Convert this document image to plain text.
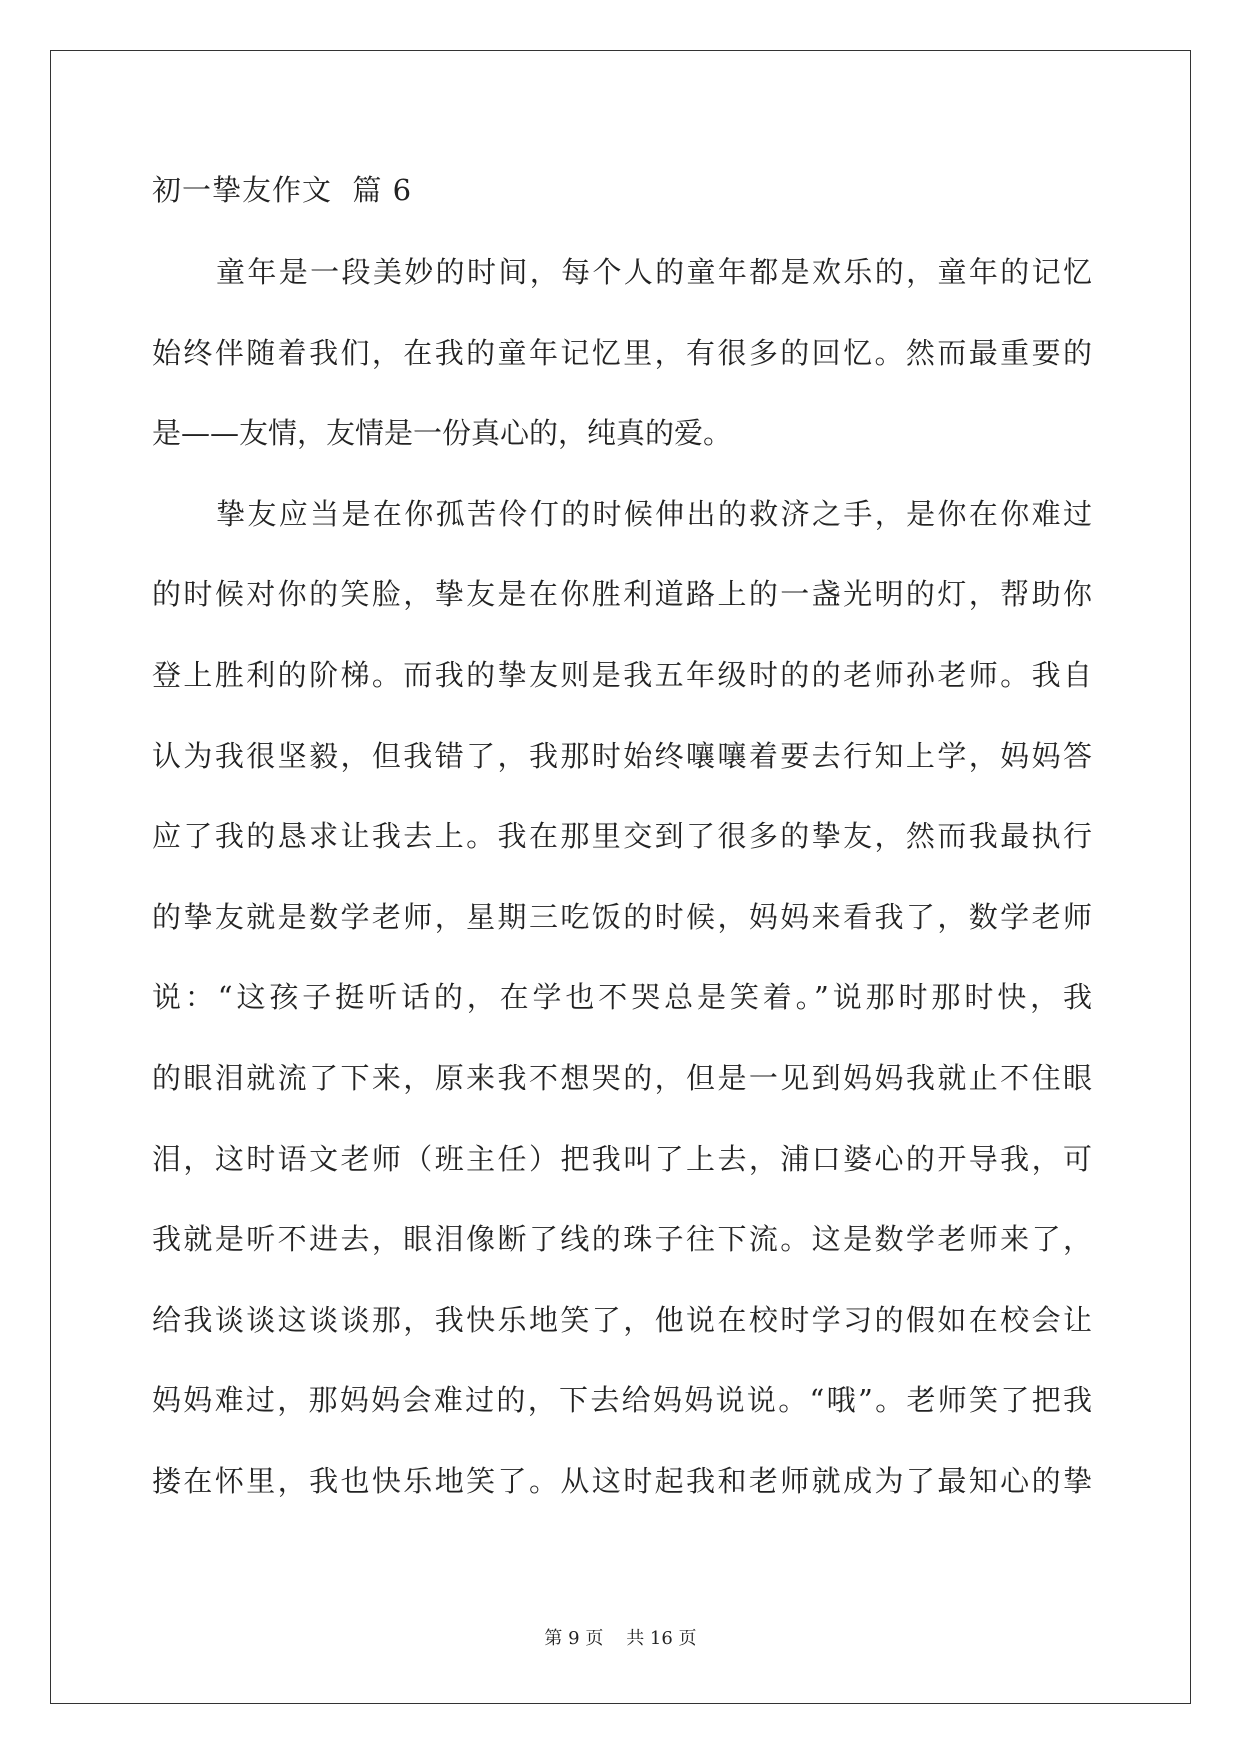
初一挚友作文  篇 6
童年是一段美妙的时间，每个人的童年都是欢乐的，童年的记忆
始终伴随着我们，在我的童年记忆里，有很多的回忆。然而最重要的
是——友情，友情是一份真心的，纯真的爱。
挚友应当是在你孤苦伶仃的时候伸出的救济之手，是你在你难过
的时候对你的笑脸，挚友是在你胜利道路上的一盏光明的灯，帮助你
登上胜利的阶梯。而我的挚友则是我五年级时的的老师孙老师。我自
认为我很坚毅，但我错了，我那时始终嚷嚷着要去行知上学，妈妈答
应了我的恳求让我去上。我在那里交到了很多的挚友，然而我最执行
的挚友就是数学老师，星期三吃饭的时候，妈妈来看我了，数学老师
说：“这孩子挺听话的，在学也不哭总是笑着。”说那时那时快，我
的眼泪就流了下来，原来我不想哭的，但是一见到妈妈我就止不住眼
泪，这时语文老师（班主任）把我叫了上去，浦口婆心的开导我，可
我就是听不进去，眼泪像断了线的珠子往下流。这是数学老师来了，
给我谈谈这谈谈那，我快乐地笑了，他说在校时学习的假如在校会让
妈妈难过，那妈妈会难过的，下去给妈妈说说。“哦”。老师笑了把我
搂在怀里，我也快乐地笑了。从这时起我和老师就成为了最知心的挚
第 9 页    共 16 页
